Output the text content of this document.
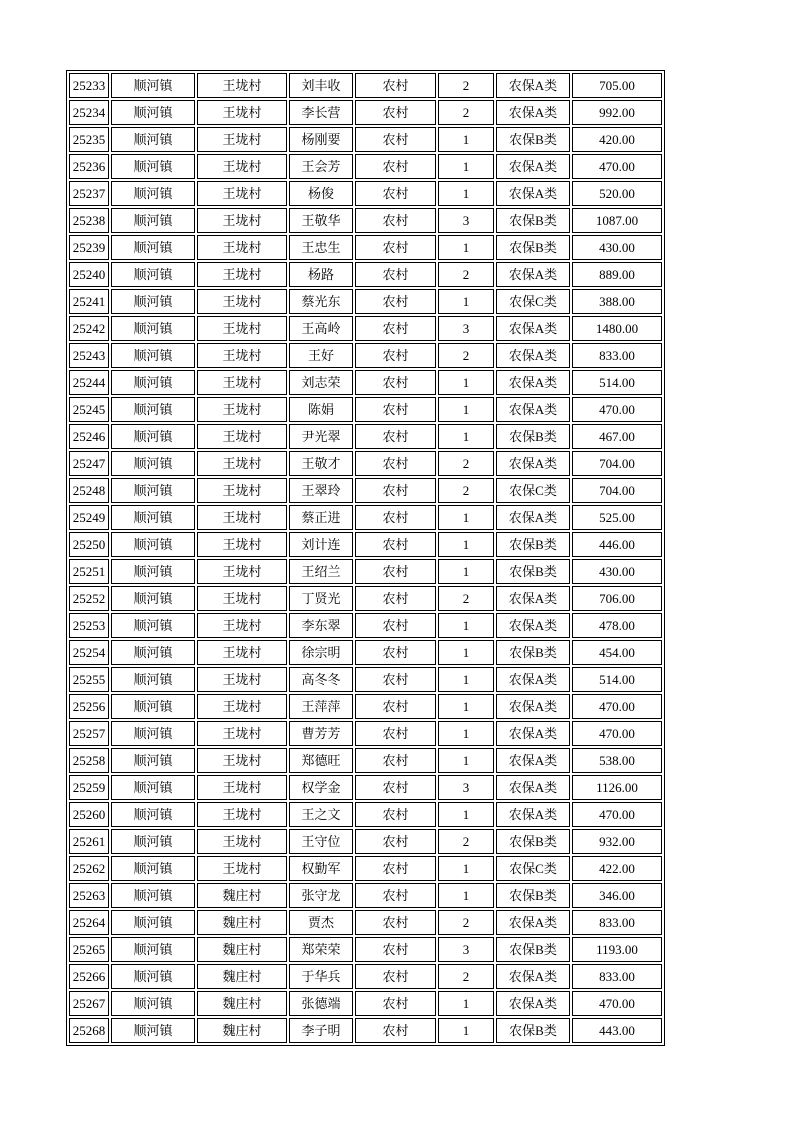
25233	顺河镇	王垅村	刘丰收	农村	2	农保A类	705.00
25234	顺河镇	王垅村	李长营	农村	2	农保A类	992.00
25235	顺河镇	王垅村	杨刚要	农村	1	农保B类	420.00
25236	顺河镇	王垅村	王会芳	农村	1	农保A类	470.00
25237	顺河镇	王垅村	杨俊	农村	1	农保A类	520.00
25238	顺河镇	王垅村	王敬华	农村	3	农保B类	1087.00
25239	顺河镇	王垅村	王忠生	农村	1	农保B类	430.00
25240	顺河镇	王垅村	杨路	农村	2	农保A类	889.00
25241	顺河镇	王垅村	蔡光东	农村	1	农保C类	388.00
25242	顺河镇	王垅村	王高岭	农村	3	农保A类	1480.00
25243	顺河镇	王垅村	王好	农村	2	农保A类	833.00
25244	顺河镇	王垅村	刘志荣	农村	1	农保A类	514.00
25245	顺河镇	王垅村	陈娟	农村	1	农保A类	470.00
25246	顺河镇	王垅村	尹光翠	农村	1	农保B类	467.00
25247	顺河镇	王垅村	王敬才	农村	2	农保A类	704.00
25248	顺河镇	王垅村	王翠玲	农村	2	农保C类	704.00
25249	顺河镇	王垅村	蔡正进	农村	1	农保A类	525.00
25250	顺河镇	王垅村	刘计连	农村	1	农保B类	446.00
25251	顺河镇	王垅村	王绍兰	农村	1	农保B类	430.00
25252	顺河镇	王垅村	丁贤光	农村	2	农保A类	706.00
25253	顺河镇	王垅村	李东翠	农村	1	农保A类	478.00
25254	顺河镇	王垅村	徐宗明	农村	1	农保B类	454.00
25255	顺河镇	王垅村	高冬冬	农村	1	农保A类	514.00
25256	顺河镇	王垅村	王萍萍	农村	1	农保A类	470.00
25257	顺河镇	王垅村	曹芳芳	农村	1	农保A类	470.00
25258	顺河镇	王垅村	郑德旺	农村	1	农保A类	538.00
25259	顺河镇	王垅村	权学金	农村	3	农保A类	1126.00
25260	顺河镇	王垅村	王之文	农村	1	农保A类	470.00
25261	顺河镇	王垅村	王守位	农村	2	农保B类	932.00
25262	顺河镇	王垅村	权勤军	农村	1	农保C类	422.00
25263	顺河镇	魏庄村	张守龙	农村	1	农保B类	346.00
25264	顺河镇	魏庄村	贾杰	农村	2	农保A类	833.00
25265	顺河镇	魏庄村	郑荣荣	农村	3	农保B类	1193.00
25266	顺河镇	魏庄村	于华兵	农村	2	农保A类	833.00
25267	顺河镇	魏庄村	张德端	农村	1	农保A类	470.00
25268	顺河镇	魏庄村	李子明	农村	1	农保B类	443.00
